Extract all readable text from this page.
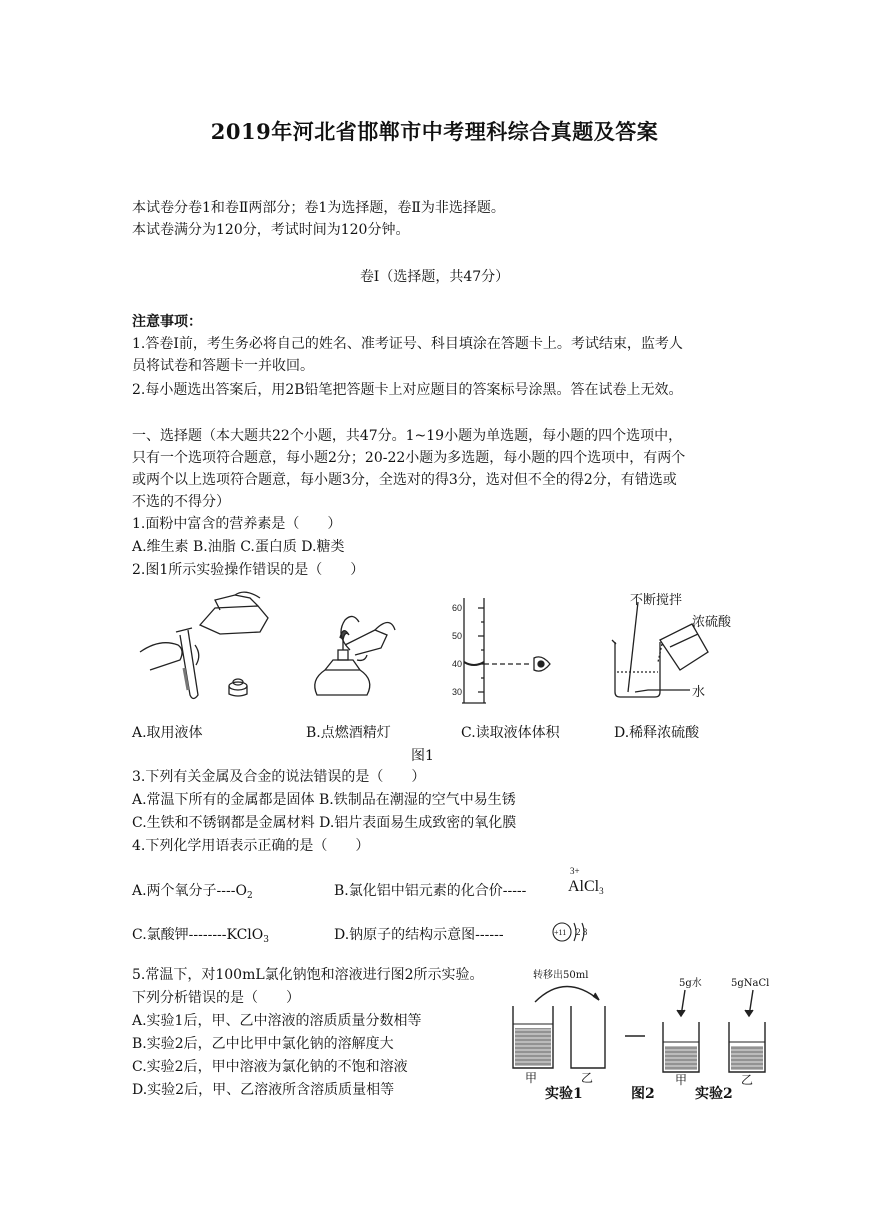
2019年河北省邯郸市中考理科综合真题及答案
本试卷分卷1和卷Ⅱ两部分；卷1为选择题，卷Ⅱ为非选择题。
本试卷满分为120分，考试时间为120分钟。
卷Ⅰ（选择题，共47分）
注意事项：
1.答卷Ⅰ前，考生务必将自己的姓名、准考证号、科目填涂在答题卡上。考试结束，监考人
员将试卷和答题卡一并收回。
2.每小题选出答案后，用2B铅笔把答题卡上对应题目的答案标号涂黑。答在试卷上无效。
一、选择题（本大题共22个小题，共47分。1~19小题为单选题，每小题的四个选项中，
只有一个选项符合题意，每小题2分；20-22小题为多选题，每小题的四个选项中，有两个
或两个以上选项符合题意，每小题3分，全选对的得3分，选对但不全的得2分，有错选或
不选的不得分）
1.面粉中富含的营养素是（　　）
A.维生素 B.油脂 C.蛋白质 D.糖类
2.图1所示实验操作错误的是（　　）
60
50
40
30
不断搅拌
浓硫酸
水
A.取用液体	B.点燃酒精灯	C.读取液体体积	D.稀释浓硫酸
图1
3.下列有关金属及合金的说法错误的是（　　）
A.常温下所有的金属都是固体 B.铁制品在潮湿的空气中易生锈
C.生铁和不锈钢都是金属材料 D.铝片表面易生成致密的氧化膜
4.下列化学用语表示正确的是（　　）
A.两个氧分子$----O_2$	B.氯化铝中铝元素的化合价-----
3+
AlCl$_3$
C.氯酸钾--------KClO$_3$	D.钠原子的结构示意图------	+11 2 8
5.常温下，对100mL氯化钠饱和溶液进行图2所示实验。
下列分析错误的是（　　）
A.实验1后，甲、乙中溶液的溶质质量分数相等
B.实验2后，乙中比甲中氯化钠的溶解度大
C.实验2后，甲中溶液为氯化钠的不饱和溶液
D.实验2后，甲、乙溶液所含溶质质量相等
转移出50ml
5g水	5gNaCl
甲	乙	甲	乙
实验1	图2	实验2
